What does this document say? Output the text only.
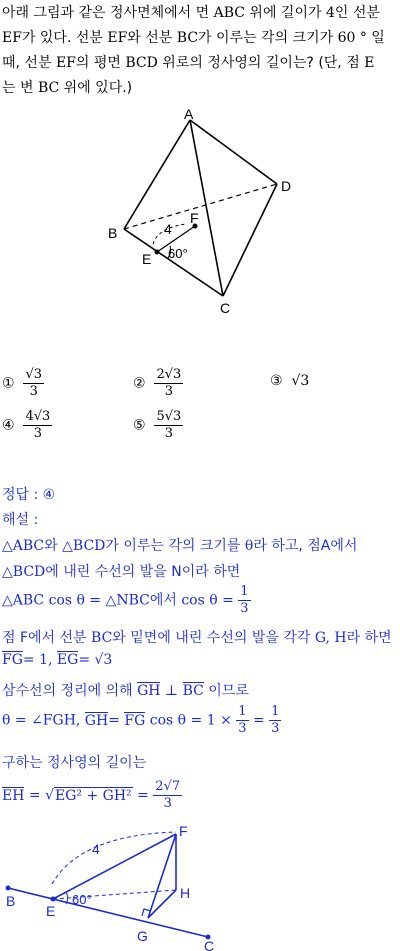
아래 그림과 같은 정사면체에서 면 ABC 위에 길이가 4인 선분
EF가 있다. 선분 EF와 선분 BC가 이루는 각의 크기가 60 ° 일
때, 선분 EF의 평면 BCD 위로의 정사영의 길이는? (단, 점 E
는 변 BC 위에 있다.)
A
B
C
D
E
F
4
60°
① $\frac{√3}{3}$	② $\frac{2√3}{3}$	③ √3
④ $\frac{4√3}{3}$	⑤ $\frac{5√3}{3}$
정답 : ④
해설 :
△ABC와 △BCD가 이루는 각의 크기를 θ라 하고, 점A에서
△BCD에 내린 수선의 발을 N이라 하면
△ABC cos θ = △NBC에서 $\cos \theta = \frac{1}{3}$
점 F에서 선분 BC와 밑면에 내린 수선의 발을 각각 G, H라 하면
FG= 1, EG= √3
삼수선의 정리에 의해 GH ⊥ BC 이므로
θ = ∠FGH, GH= FG $\cos \theta = 1 \times \frac{1}{3} = \frac{1}{3}$
구하는 정사영의 길이는
EH = $√EG^2 + GH^2 = \frac{2√7}{3}$
B
C
E
F
G
H
4
60°
